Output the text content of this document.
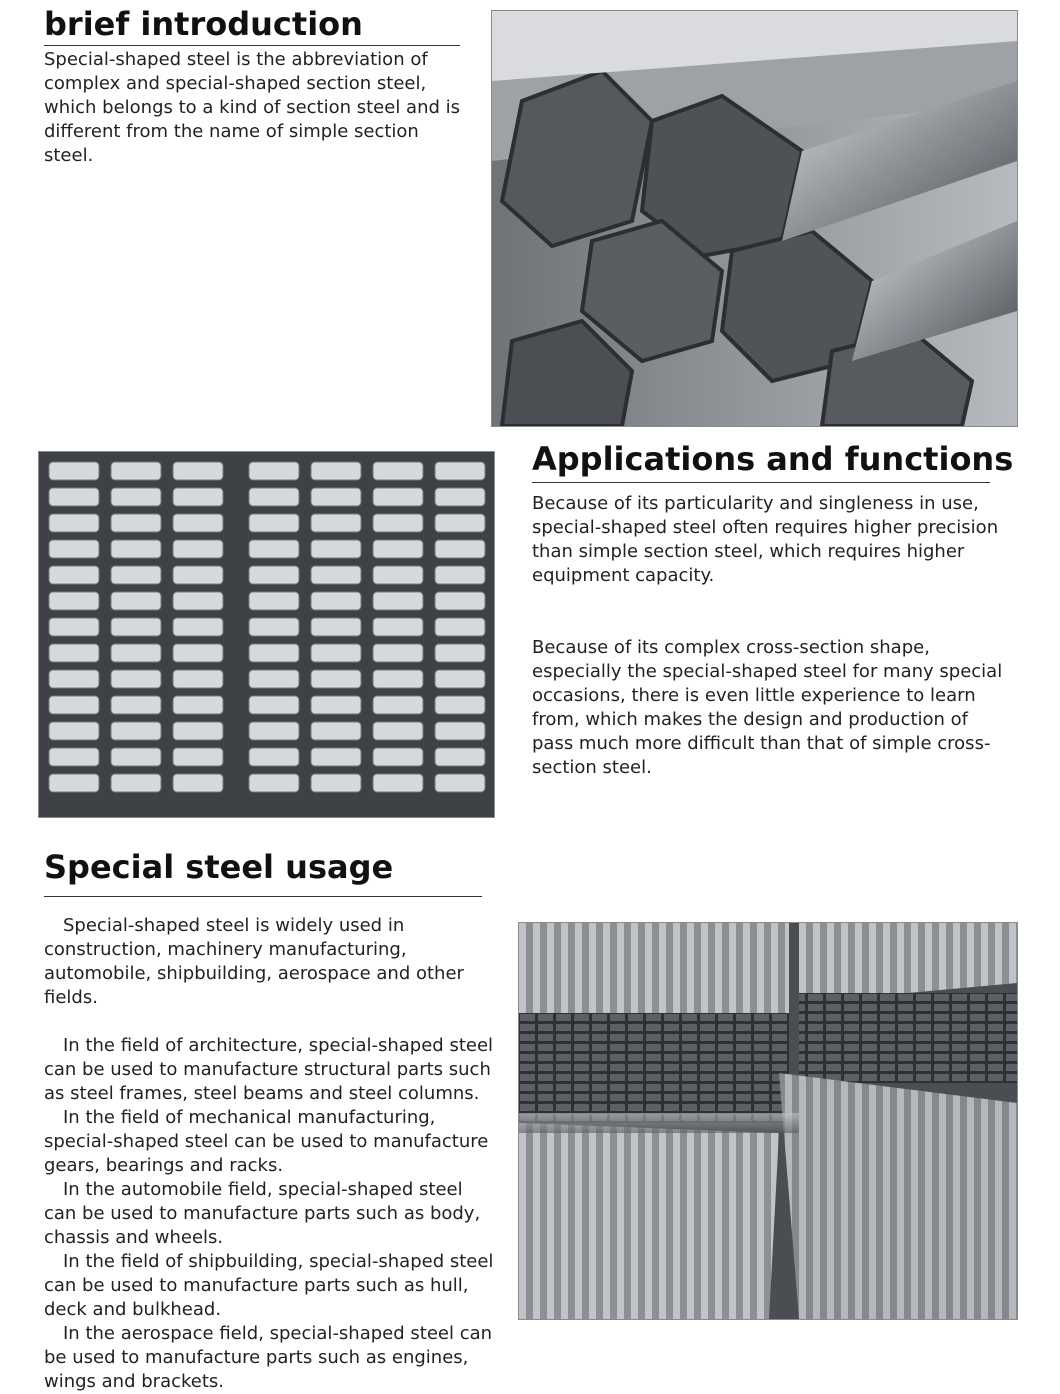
brief introduction

Special-shaped steel is the abbreviation of complex and special-shaped section steel, which belongs to a kind of section steel and is different from the name of simple section steel.

Applications and functions

Because of its particularity and singleness in use, special-shaped steel often requires higher precision than simple section steel, which requires higher equipment capacity.

Because of its complex cross-section shape, especially the special-shaped steel for many special occasions, there is even little experience to learn from, which makes the design and production of pass much more difficult than that of simple cross-section steel.

Special steel usage
Special-shaped steel is widely used in construction, machinery manufacturing, automobile, shipbuilding, aerospace and other fields.
In the field of architecture, special-shaped steel can be used to manufacture structural parts such as steel frames, steel beams and steel columns.
In the field of mechanical manufacturing, special-shaped steel can be used to manufacture gears, bearings and racks.
In the automobile field, special-shaped steel can be used to manufacture parts such as body, chassis and wheels.
In the field of shipbuilding, special-shaped steel can be used to manufacture parts such as hull, deck and bulkhead.
In the aerospace field, special-shaped steel can be used to manufacture parts such as engines, wings and brackets.
